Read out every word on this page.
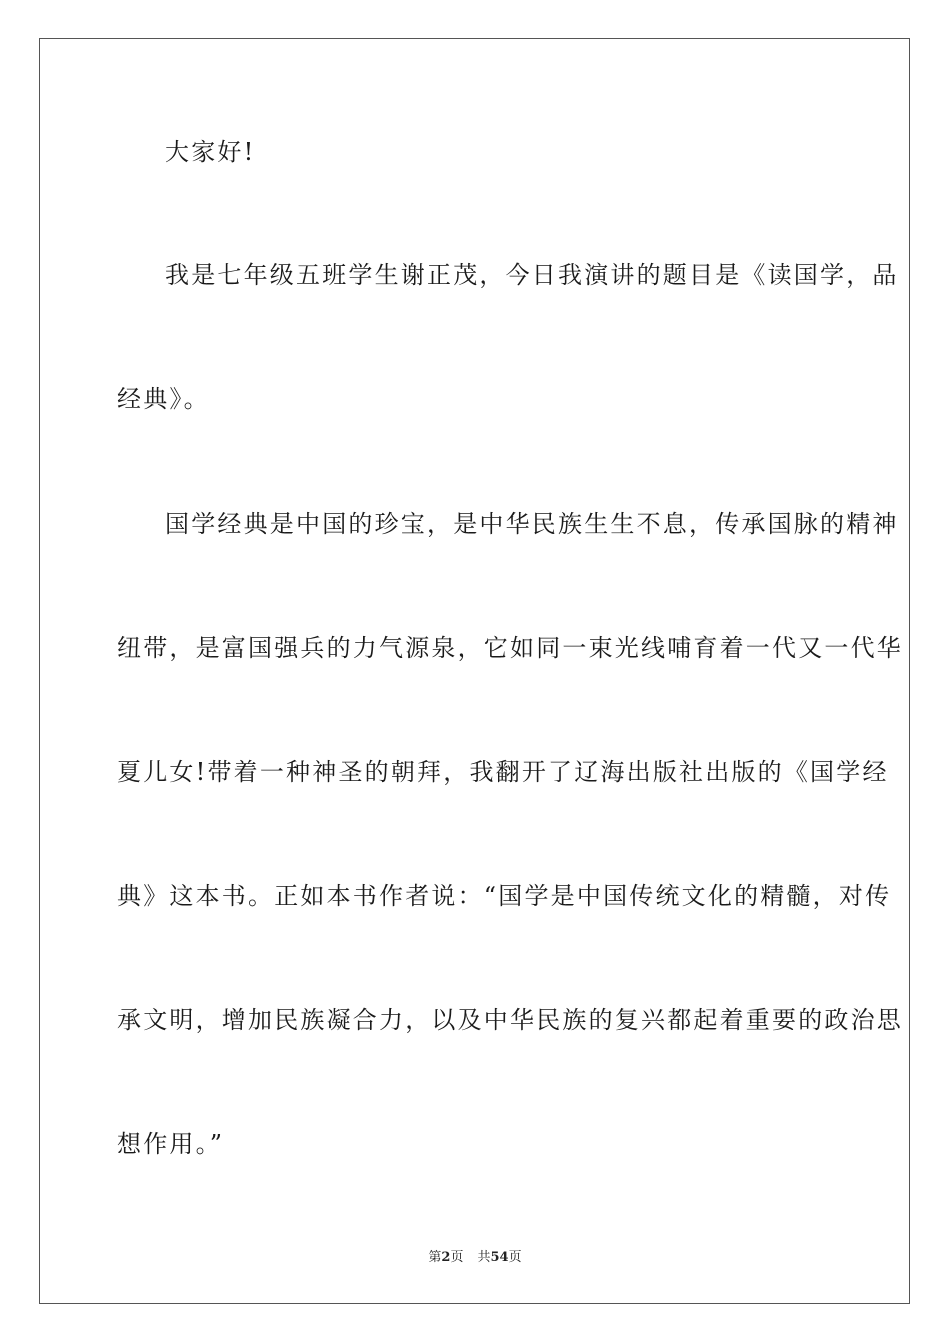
大家好!
我是七年级五班学生谢正茂，今日我演讲的题目是《读国学，品
经典》。
国学经典是中国的珍宝，是中华民族生生不息，传承国脉的精神
纽带，是富国强兵的力气源泉，它如同一束光线哺育着一代又一代华
夏儿女!带着一种神圣的朝拜，我翻开了辽海出版社出版的《国学经
典》这本书。正如本书作者说：“国学是中国传统文化的精髓，对传
承文明，增加民族凝合力，以及中华民族的复兴都起着重要的政治思
想作用。”
第2页 共54页
